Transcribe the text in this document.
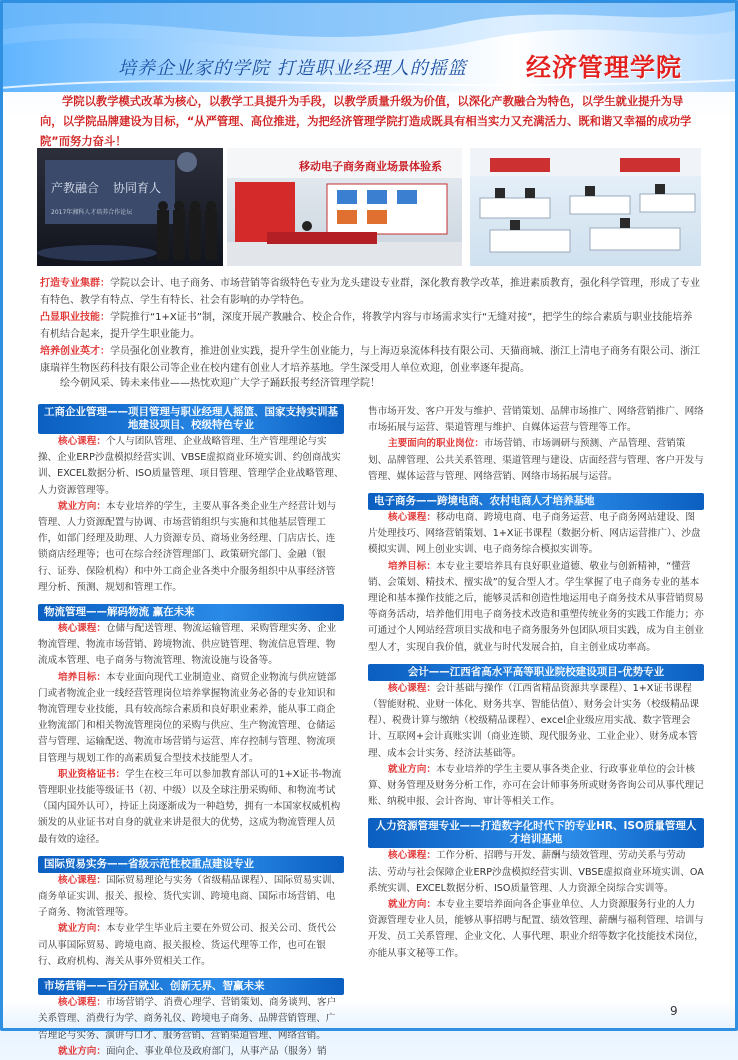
培养企业家的学院 打造职业经理人的摇篮 经济管理学院
学院以教学模式改革为核心，以教学工具提升为手段，以教学质量升级为价值，以深化产教融合为特色，以学生就业提升为导向，以学院品牌建设为目标，“从严管理、高位推进，为把经济管理学院打造成既具有相当实力又充满活力、既和谐又幸福的成功学院”而努力奋斗！
产教融合 协同育人
2017年湘科人才培养合作论坛
移动电子商务商业场景体验系
打造专业集群：学院以会计、电子商务、市场营销等省级特色专业为龙头建设专业群，深化教育教学改革，推进素质教育，强化科学管理，形成了专业有特色、教学有特点、学生有特长、社会有影响的办学特色。
凸显职业技能：学院推行“1+X证书”制，深度开展产教融合、校企合作，将教学内容与市场需求实行“无缝对接”，把学生的综合素质与职业技能培养有机结合起来，提升学生职业能力。
培养创业英才：学员强化创业教育，推进创业实践，提升学生创业能力，与上海迈泉流体科技有限公司、天猫商城、浙江上清电子商务有限公司、浙江康瑞祥生物医药科技有限公司等企业在校内建有创业人才培养基地。学生深受用人单位欢迎，创业率逐年提高。
绘今朝风采、铸未来伟业——热忱欢迎广大学子踊跃报考经济管理学院！
工商企业管理——项目管理与职业经理人摇篮、国家支持实训基地建设项目、校级特色专业

核心课程：个人与团队管理、企业战略管理、生产管理理论与实操、企业ERP沙盘模拟经营实训、VBSE虚拟商业环境实训、约创商战实训、EXCEL数据分析、ISO质量管理、项目管理、管理学企业战略管理、人力资源管理等。

就业方向：本专业培养的学生，主要从事各类企业生产经营计划与管理、人力资源配置与协调、市场营销组织与实施和其他基层管理工作，如部门经理及助理、人力资源专员、商场业务经理、门店店长、连锁商店经理等；也可在综合经济管理部门、政策研究部门、金融（银行、证券、保险机构）和中外工商企业各类中介服务组织中从事经济管理分析、预测、规划和管理工作。

物流管理——解码物流 赢在未来

核心课程：仓储与配送管理、物流运输管理、采购管理实务、企业物流管理、物流市场营销、跨境物流、供应链管理、物流信息管理、物流成本管理、电子商务与物流管理、物流设施与设备等。

培养目标：本专业面向现代工业制造业、商贸企业物流与供应链部门或者物流企业一线经营管理岗位培养掌握物流业务必备的专业知识和物流管理专业技能，具有较高综合素质和良好职业素养，能从事工商企业物流部门和相关物流管理岗位的采购与供应、生产物流管理、仓储运营与管理、运输配送、物流市场营销与运营、库存控制与管理、物流项目管理与规划工作的高素质复合型技术技能型人才。

职业资格证书：学生在校三年可以参加教育部认可的1+X证书-物流管理职业技能等级证书（初、中级）以及全球注册采购师、和物流考试（国内国外认可），持证上岗逐渐成为一种趋势，拥有一本国家权威机构颁发的从业证书对自身的就业来讲是很大的优势，这成为物流管理人员最有效的途径。

国际贸易实务——省级示范性校重点建设专业

核心课程：国际贸易理论与实务（省级精品课程）、国际贸易实训、商务单证实训、报关、报检、货代实训、跨境电商、国际市场营销、电子商务、物流管理等。

就业方向：本专业学生毕业后主要在外贸公司、报关公司、货代公司从事国际贸易、跨境电商、报关报检、货运代理等工作，也可在银行、政府机构、海关从事外贸相关工作。

市场营销——百分百就业、创新无界、智赢未来

核心课程：市场营销学、消费心理学、营销策划、商务谈判、客户关系管理、消费行为学、商务礼仪、跨境电子商务、品牌营销管理、广告理论与实务、演讲与口才、服务营销、营销渠道管理、网络营销。

就业方向：面向企、事业单位及政府部门，从事产品（服务）销

售市场开发、客户开发与维护、营销策划、品牌市场推广、网络营销推广、网络市场拓展与运营、渠道管理与维护、自媒体运营与管理等工作。

主要面向的职业岗位：市场营销、市场调研与预测、产品管理、营销策划、品牌管理、公共关系管理、渠道管理与建设、店面经营与管理、客户开发与管理、媒体运营与管理、网络营销、网络市场拓展与运营。

电子商务——跨境电商、农村电商人才培养基地

核心课程：移动电商、跨境电商、电子商务运营、电子商务网站建设、图片处理技巧、网络营销策划、1+X证书课程（数据分析、网店运营推广）、沙盘模拟实训、网上创业实训、电子商务综合模拟实训等。

培养目标：本专业主要培养具有良好职业道德、敬业与创新精神，“懂营销、会策划、精技术、擅实战”的复合型人才。学生掌握了电子商务专业的基本理论和基本操作技能之后，能够灵活和创造性地运用电子商务技术从事营销贸易等商务活动，培养他们用电子商务技术改造和重塑传统业务的实践工作能力；亦可通过个人网站经营项目实战和电子商务服务外包团队项目实践，成为自主创业型人才，实现自我价值，就业与时代发展合拍，自主创业成功率高。

会计——江西省高水平高等职业院校建设项目-优势专业

核心课程：会计基础与操作（江西省精品资源共享课程）、1+X证书课程（智能财税、业财一体化、财务共享、智能估值）、财务会计实务（校级精品课程）、税费计算与缴纳（校级精品课程）、excel企业级应用实战、数字管理会计、互联网+会计真账实训（商业连锁、现代服务业、工业企业）、财务成本管理、成本会计实务、经济法基础等。

就业方向：本专业培养的学生主要从事各类企业、行政事业单位的会计核算、财务管理及财务分析工作，亦可在会计师事务所或财务咨询公司从事代理记账、纳税申报、会计咨询、审计等相关工作。

人力资源管理专业——打造数字化时代下的专业HR、ISO质量管理人才培训基地

核心课程：工作分析、招聘与开发、薪酬与绩效管理、劳动关系与劳动法、劳动与社会保障企业ERP沙盘模拟经营实训、VBSE虚拟商业环境实训、OA系统实训、EXCEL数据分析、ISO质量管理、人力资源全岗综合实训等。

就业方向：本专业主要培养面向各企事业单位、人力资源服务行业的人力资源管理专业人员，能够从事招聘与配置、绩效管理、薪酬与福利管理、培训与开发、员工关系管理、企业文化、人事代理、职业介绍等数字化技能技术岗位，亦能从事文秘等工作。

9
